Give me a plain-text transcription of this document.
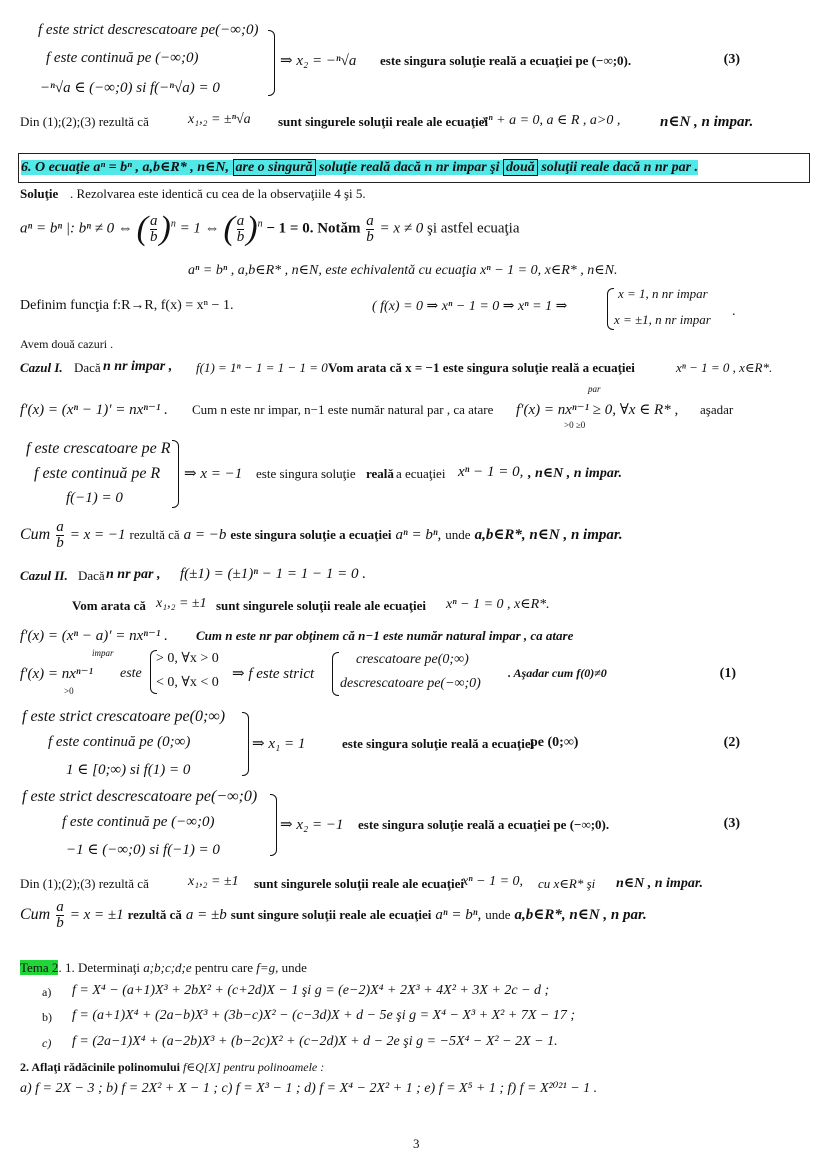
f este strict descrescatoare pe(−∞;0)
f este continuă pe (−∞;0)
−ⁿ√a ∈ (−∞;0) si f(−ⁿ√a) = 0
⇒ x₂ = −ⁿ√a este singura soluţie reală a ecuaţiei pe (−∞;0).	(3)
Din (1);(2);(3) rezultă că	x₁,₂ = ±ⁿ√a sunt singurele soluţii reale ale ecuaţiei
xⁿ + a = 0, a ∈ R , a>0 ,	n∈N , n impar.
6. O ecuaţie aⁿ = bⁿ , a,b∈R* , n∈N, are o singură soluţie reală dacă n nr impar şi două soluţii reale dacă n nr par .
Soluţie . Rezolvarea este identică cu cea de la observaţiile 4 şi 5.
aⁿ = bⁿ |: bⁿ ≠ 0 ⇔ ( $\frac{a}{b} )^n = 1$ ⇔ ( $\frac{a}{b} )^n - 1 = 0$. Notăm $\frac{a}{b} = x \ne 0$ şi astfel ecuaţia
aⁿ = bⁿ , a,b∈R* , n∈N, este echivalentă cu ecuaţia xⁿ − 1 = 0, x∈R* , n∈N.
Definim funcţia f:R→R, f(x) = xⁿ − 1.	( f(x) = 0 ⇒ xⁿ − 1 = 0 ⇒ xⁿ = 1 ⇒
x = 1, n nr impar
x = ±1, n nr impar
.
Avem două cazuri .
Cazul I. Dacă n nr impar , f(1) = 1ⁿ − 1 = 1 − 1 = 0 .
Vom arata că x = −1 este singura soluţie reală a ecuaţiei	xⁿ − 1 = 0 , x∈R*.
f′(x) = (xⁿ − 1)′ = nxⁿ⁻¹ . Cum n este nr impar, n−1 este număr natural par , ca atare
par
f′(x) = nxⁿ⁻¹ ≥ 0, ∀x ∈ R* ,
>0 ≥0
aşadar
f este crescatoare pe R
f este continuă pe R
f(−1) = 0
⇒ x = −1 este singura soluţie reală a ecuaţiei xⁿ − 1 = 0, , n∈N , n impar.
Cum $\frac{a}{b} = x = -1$ rezultă că a = −b este singura soluţie a ecuaţiei aⁿ = bⁿ, unde a,b∈R*, n∈N , n impar.
Cazul II. Dacă n nr par , f(±1) = (±1)ⁿ − 1 = 1 − 1 = 0 .
Vom arata că x₁,₂ = ±1 sunt singurele soluţii reale ale ecuaţiei xⁿ − 1 = 0 , x∈R*.
f′(x) = (xⁿ − a)′ = nxⁿ⁻¹ . Cum n este nr par obţinem că n−1 este număr natural impar , ca atare
impar
f′(x) = nxⁿ⁻¹
>0
este
> 0, ∀x > 0
< 0, ∀x < 0
⇒ f este strict
crescatoare pe(0;∞)
descrescatoare pe(−∞;0)
. Aşadar cum f(0)≠0	(1)
f este strict crescatoare pe(0;∞)
f este continuă pe (0;∞)
1 ∈ [0;∞) si f(1) = 0
⇒ x₁ = 1	este singura soluţie reală a ecuaţiei
pe (0;∞)	(2)
f este strict descrescatoare pe(−∞;0)
f este continuă pe (−∞;0)
−1 ∈ (−∞;0) si f(−1) = 0
⇒ x₂ = −1 este singura soluţie reală a ecuaţiei pe (−∞;0).	(3)
Din (1);(2);(3) rezultă că	x₁,₂ = ±1 sunt singurele soluţii reale ale ecuaţiei
xⁿ − 1 = 0, cu x∈R* şi n∈N , n impar.
Cum $\frac{a}{b} = x = \pm 1$ rezultă că a = ±b sunt singure soluţii reale ale ecuaţiei aⁿ = bⁿ, unde a,b∈R*, n∈N , n par.
Tema 2. 1. Determinaţi a;b;c;d;e pentru care f=g, unde
a) f = X⁴ − (a+1)X³ + 2bX² + (c+2d)X − 1 şi g = (e−2)X⁴ + 2X³ + 4X² + 3X + 2c − d ;
b) f = (a+1)X⁴ + (2a−b)X³ + (3b−c)X² − (c−3d)X + d − 5e şi g = X⁴ − X³ + X² + 7X − 17 ;
c) f = (2a−1)X⁴ + (a−2b)X³ + (b−2c)X² + (c−2d)X + d − 2e şi g = −5X⁴ − X² − 2X − 1.
2. Aflaţi rădăcinile polinomului f∈Q[X] pentru polinoamele :
a) f = 2X − 3 ; b) f = 2X² + X − 1 ; c) f = X³ − 1 ; d) f = X⁴ − 2X² + 1 ; e) f = X⁵ + 1 ; f) f = X²⁰²¹ − 1 .
3
